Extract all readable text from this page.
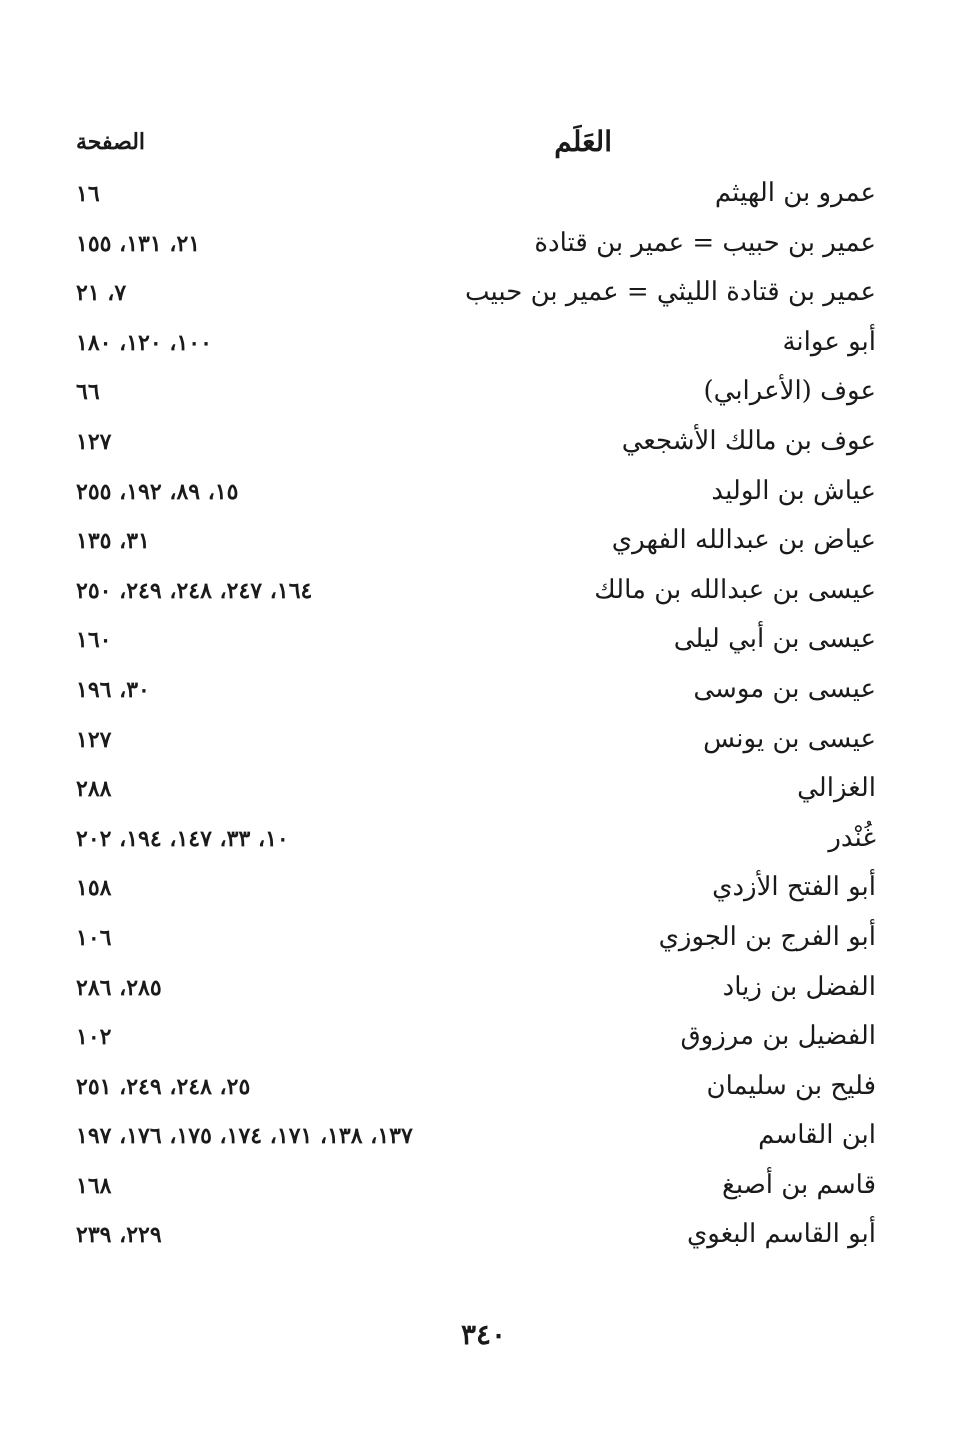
العَلَم
الصفحة
عمرو بن الهيثم
١٦
عمير بن حبيب = عمير بن قتادة
٢١، ١٣١، ١٥٥
عمير بن قتادة الليثي = عمير بن حبيب
٧، ٢١
أبو عوانة
١٠٠، ١٢٠، ١٨٠
عوف (الأعرابي)
٦٦
عوف بن مالك الأشجعي
١٢٧
عياش بن الوليد
١٥، ٨٩، ١٩٢، ٢٥٥
عياض بن عبدالله الفهري
٣١، ١٣٥
عيسى بن عبدالله بن مالك
١٦٤، ٢٤٧، ٢٤٨، ٢٤٩، ٢٥٠
عيسى بن أبي ليلى
١٦٠
عيسى بن موسى
٣٠، ١٩٦
عيسى بن يونس
١٢٧
الغزالي
٢٨٨
غُنْدر
١٠، ٣٣، ١٤٧، ١٩٤، ٢٠٢
أبو الفتح الأزدي
١٥٨
أبو الفرج بن الجوزي
١٠٦
الفضل بن زياد
٢٨٥، ٢٨٦
الفضيل بن مرزوق
١٠٢
فليح بن سليمان
٢٥، ٢٤٨، ٢٤٩، ٢٥١
ابن القاسم
١٣٧، ١٣٨، ١٧١، ١٧٤، ١٧٥، ١٧٦، ١٩٧
قاسم بن أصبغ
١٦٨
أبو القاسم البغوي
٢٢٩، ٢٣٩
٣٤٠
